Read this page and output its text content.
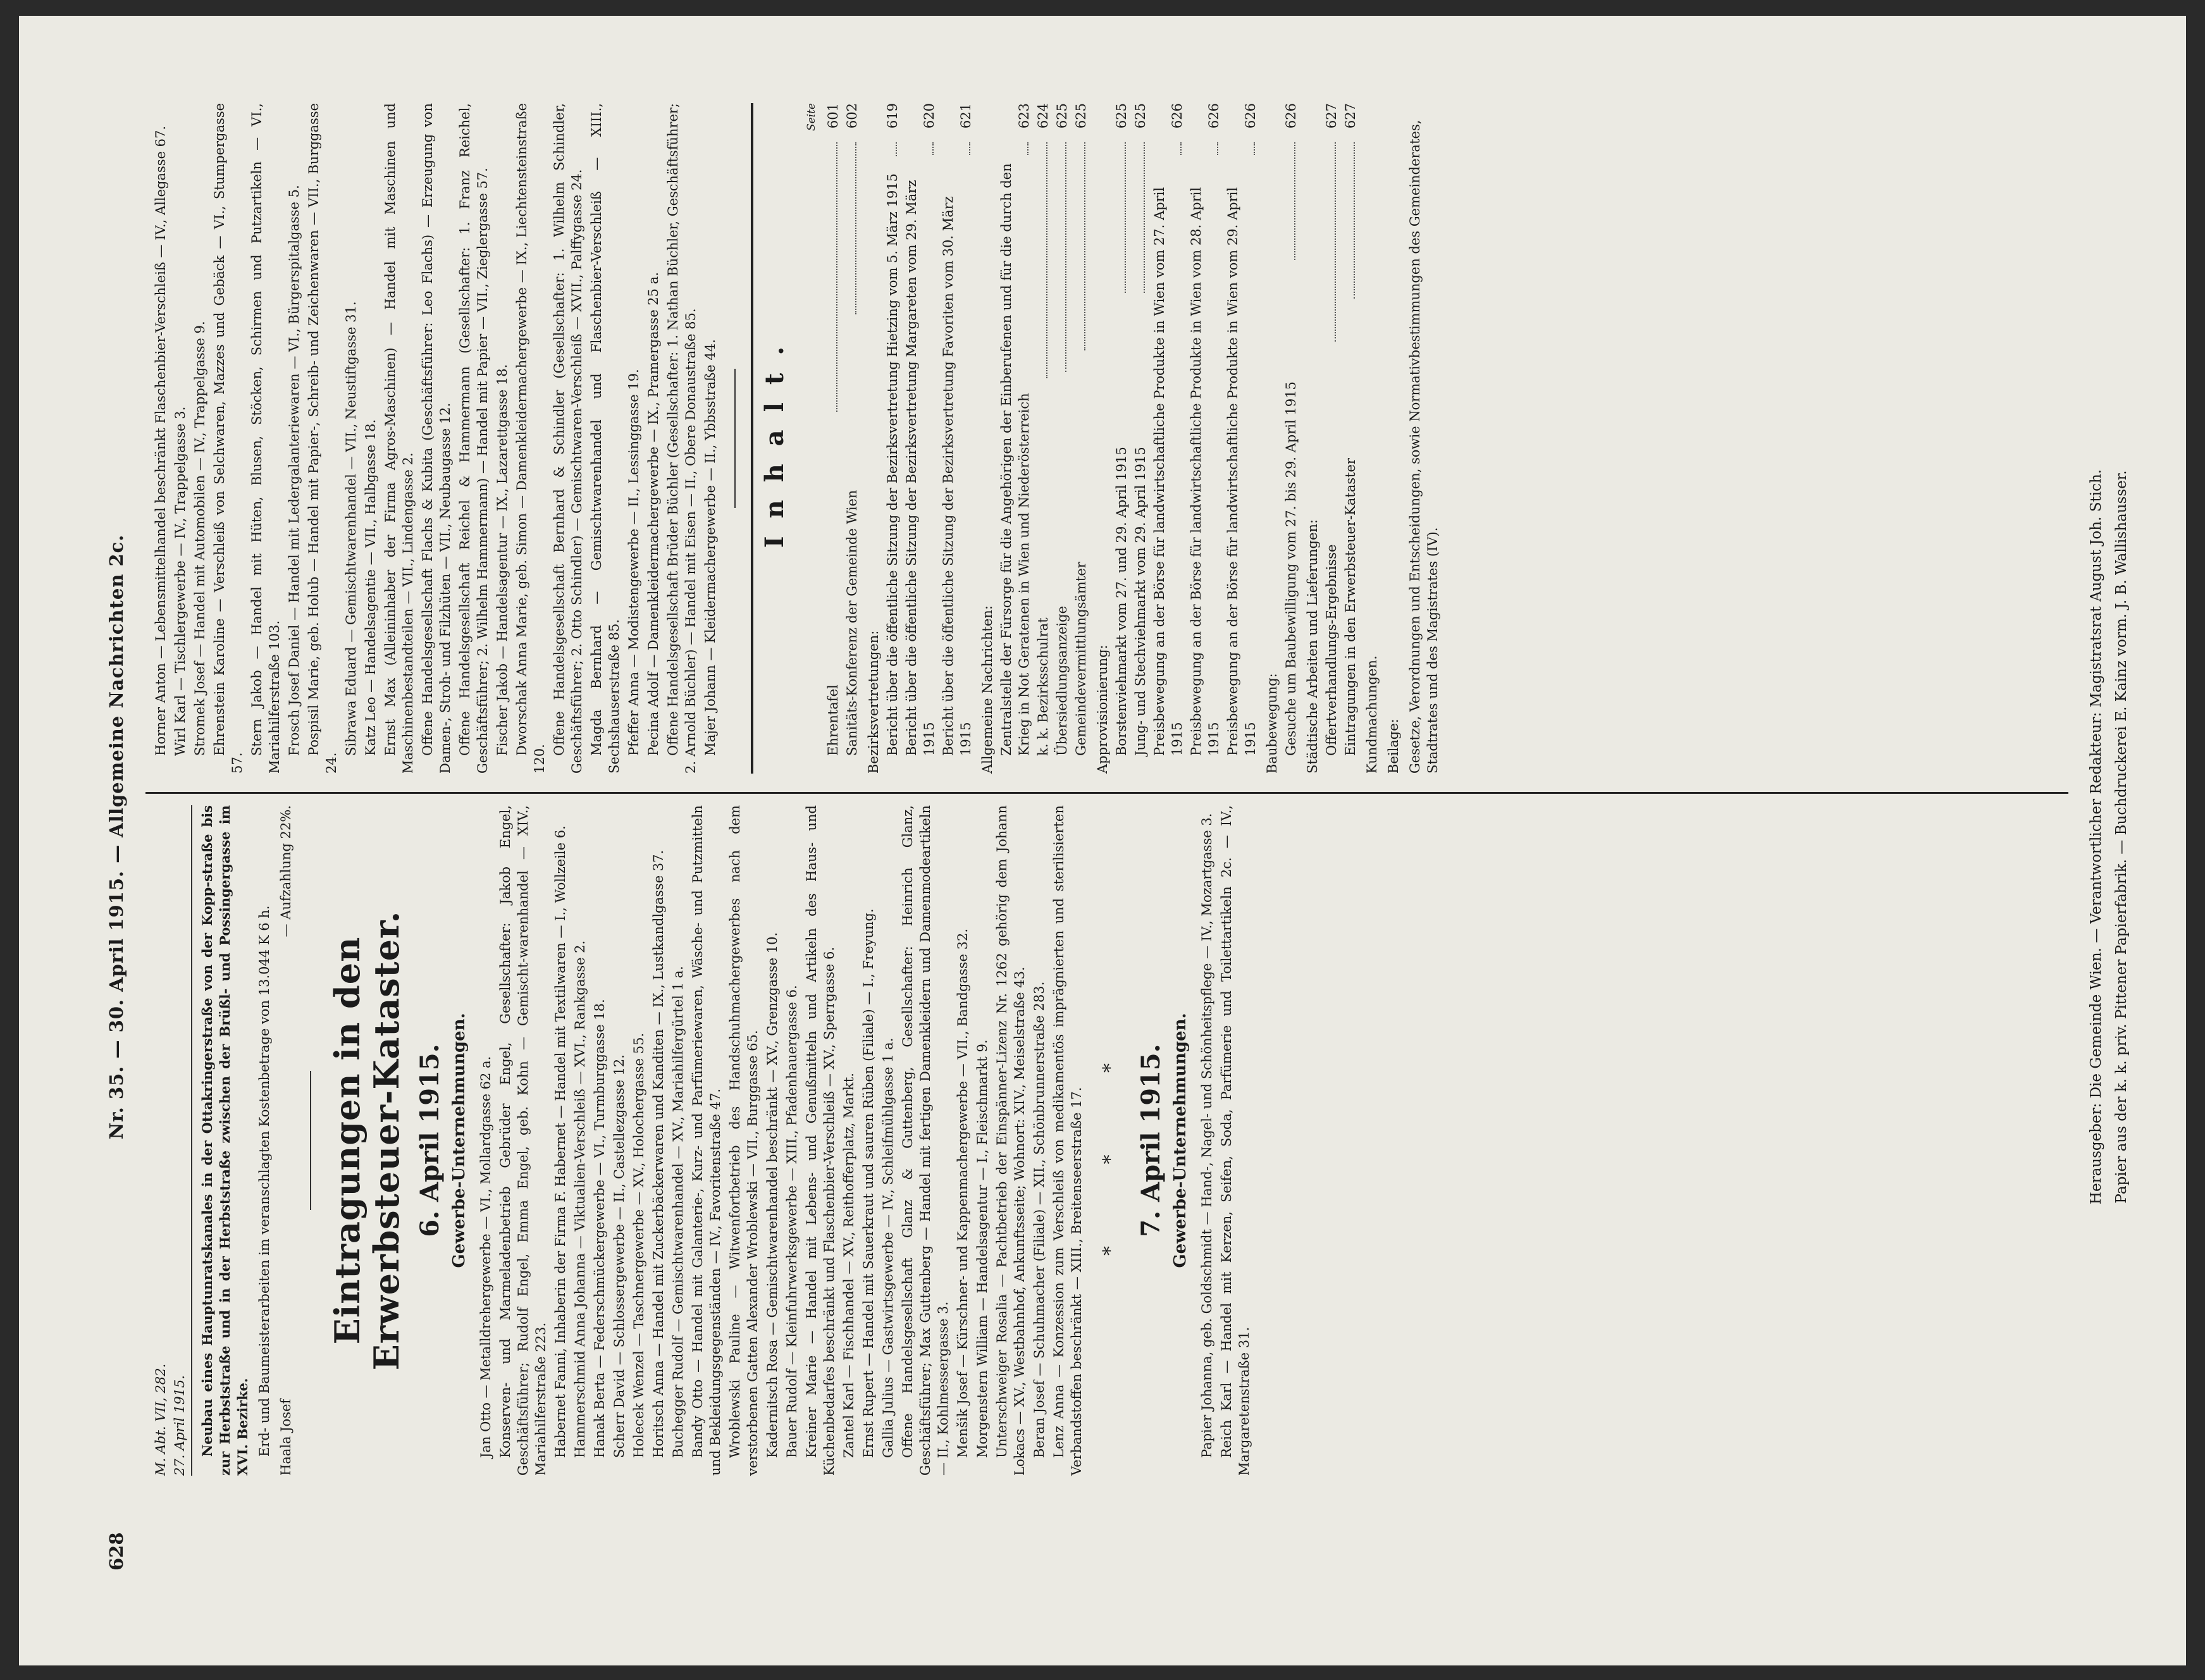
628
Nr. 35. — 30. April 1915. — Allgemeine Nachrichten 2c.
M. Abt. VII, 282. 27. April 1915. Neubau eines Hauptunratskanales in der Ottakringerstraße von der Kopp-straße bis zur Herbststraße und in der Herbststraße zwischen der Brüßl- und Possingergasse im XVI. Bezirke. Erd- und Baumeisterarbeiten im veranschlagten Kostenbetrage von 13.044 K 6 h. Haala Josef
— Aufzahlung 22%.
Eintragungen in den Erwerbsteuer-Kataster. 6. April 1915. Gewerbe-Unternehmungen. Jan Otto — Metalldrehergewerbe — VI., Mollardgasse 62 a. Konserven- und Marmeladenbetrieb Gebrüder Engel, Gesellschafter: Jakob Engel, Geschäftsführer; Rudolf Engel, Emma Engel, geb. Kohn — Gemischt-warenhandel — XIV., Mariahilferstraße 223. Habernet Fanni, Inhaberin der Firma F. Habernet — Handel mit Textilwaren — I., Wollzeile 6. Hammerschmid Anna Johanna — Viktualien-Verschleiß — XVI., Rankgasse 2. Hanak Berta — Federschmückergewerbe — VI., Turmburggasse 18. Scherr David — Schlossergewerbe — II., Castellezgasse 12. Holecek Wenzel — Taschnergewerbe — XV., Holochergasse 55. Horitsch Anna — Handel mit Zuckerbäckerwaren und Kanditen — IX., Lustkandlgasse 37. Buchegger Rudolf — Gemischtwarenhandel — XV., Mariahilfergürtel 1 a. Bandy Otto — Handel mit Galanterie-, Kurz- und Parfümeriewaren, Wäsche- und Putzmitteln und Bekleidungsgegenständen — IV., Favoritenstraße 47. Wroblewski Pauline — Witwenfortbetrieb des Handschuhmachergewerbes nach dem verstorbenen Gatten Alexander Wroblewski — VII., Burggasse 65. Kadernitsch Rosa — Gemischtwarenhandel beschränkt — XV., Grenzgasse 10. Bauer Rudolf — Kleinfuhrwerksgewerbe — XIII., Pfadenhauergasse 6. Kreiner Marie — Handel mit Lebens- und Genußmitteln und Artikeln des Haus- und Küchenbedarfes beschränkt und Flaschenbier-Verschleiß — XV., Sperrgasse 6. Zantel Karl — Fischhandel — XV., Reithofferplatz, Markt. Ernst Rupert — Handel mit Sauerkraut und sauren Rüben (Filiale) — I., Freyung. Gallia Julius — Gastwirtsgewerbe — IV., Schleifmühlgasse 1 a. Offene Handelsgesellschaft Glanz & Guttenberg, Gesellschafter: Heinrich Glanz, Geschäftsführer; Max Guttenberg — Handel mit fertigen Damenkleidern und Damenmodeartikeln — II., Kohlmessergasse 3. Menšik Josef — Kürschner- und Kappenmachergewerbe — VII., Bandgasse 32. Morgenstern William — Handelsagentur — I., Fleischmarkt 9. Unterschweiger Rosalia — Pachtbetrieb der Einspänner-Lizenz Nr. 1262 gehörig dem Johann Lokacs — XV., Westbahnhof, Ankunftsseite; Wohnort: XIV., Meiselstraße 43. Beran Josef — Schuhmacher (Filiale) — XII., Schönbrunnerstraße 283. Lenz Anna — Konzession zum Verschleiß von medikamentös imprägnierten und sterilisierten Verbandstoffen beschränkt — XIII., Breitenseerstraße 17. * * * 7. April 1915. Gewerbe-Unternehmungen. Papier Johanna, geb. Goldschmidt — Hand-, Nagel- und Schönheitspflege — IV., Mozartgasse 3. Reich Karl — Handel mit Kerzen, Seifen, Soda, Parfümerie und Toilettartikeln 2c. — IV., Margaretenstraße 31.
Horner Anton — Lebensmittelhandel beschränkt Flaschenbier-Verschleiß — IV., Allegasse 67. Wirl Karl — Tischlergewerbe — IV., Trappelgasse 3. Stromek Josef — Handel mit Automobilen — IV., Trappelgasse 9. Ehrenstein Karoline — Verschleiß von Selchwaren, Mazzes und Gebäck — VI., Stumpergasse 57.
Stern Jakob — Handel mit Hüten, Blusen, Stöcken, Schirmen und Putzartikeln — VI., Mariahilferstraße 103. Frosch Josef Daniel — Handel mit Ledergalanteriewaren — VI., Bürgerspitalgasse 5. Pospisil Marie, geb. Holub — Handel mit Papier-, Schreib- und Zeichenwaren — VII., Burggasse 24.
Sibrawa Eduard — Gemischtwarenhandel — VII., Neustiftgasse 31. Katz Leo — Handelsagentie — VII., Halbgasse 18. Ernst Max (Alleininhaber der Firma Agros-Maschinen) — Handel mit Maschinen und Maschinenbestandteilen — VII., Lindengasse 2. Offene Handelsgesellschaft Flachs & Kubita (Geschäftsführer: Leo Flachs) — Erzeugung von Damen-, Stroh- und Filzhüten — VII., Neubaugasse 12. Offene Handelsgesellschaft Reichel & Hammermann (Gesellschafter: 1. Franz Reichel, Geschäftsführer; 2. Wilhelm Hammermann) — Handel mit Papier — VII., Zieglergasse 57. Fischer Jakob — Handelsagentur — IX., Lazarettgasse 18. Dworschak Anna Marie, geb. Simon — Damenkleidermachergewerbe — IX., Liechtensteinstraße 120.
Offene Handelsgesellschaft Bernhard & Schindler (Gesellschafter: 1. Wilhelm Schindler, Geschäftsführer; 2. Otto Schindler) — Gemischtwaren-Verschleiß — XVII., Palffygasse 24. Magda Bernhard — Gemischtwarenhandel und Flaschenbier-Verschleiß — XIII., Sechshauserstraße 85. Pfeffer Anna — Modistengewerbe — II., Lessinggasse 19. Pecina Adolf — Damenkleidermachergewerbe — IX., Pramergasse 25 a. Offene Handelsgesellschaft Brüder Büchler (Gesellschafter: 1. Nathan Büchler, Geschäftsführer; 2. Arnold Büchler) — Handel mit Eisen — II., Obere Donaustraße 85. Majer Johann — Kleidermachergewerbe — II., Ybbsstraße 44. Inhalt.
Seite
Ehrentafel
601
Sanitäts-Konferenz der Gemeinde Wien
602
Bezirksvertretungen: Bericht über die öffentliche Sitzung der Bezirksvertretung Hietzing vom 5. März 1915
619
Bericht über die öffentliche Sitzung der Bezirksvertretung Margareten vom 29. März 1915
620
Bericht über die öffentliche Sitzung der Bezirksvertretung Favoriten vom 30. März 1915
621
Allgemeine Nachrichten: Zentralstelle der Fürsorge für die Angehörigen der Einberufenen und für die durch den Krieg in Not Geratenen in Wien und Niederösterreich
623
k. k. Bezirksschulrat
624
Übersiedlungsanzeige
625
Gemeindevermittlungsämter
625
Approvisionierung: Borstenviehmarkt vom 27. und 29. April 1915
625
Jung- und Stechviehmarkt vom 29. April 1915
625
Preisbewegung an der Börse für landwirtschaftliche Produkte in Wien vom 27. April 1915
626
Preisbewegung an der Börse für landwirtschaftliche Produkte in Wien vom 28. April 1915
626
Preisbewegung an der Börse für landwirtschaftliche Produkte in Wien vom 29. April 1915
626
Baubewegung: Gesuche um Baubewilligung vom 27. bis 29. April 1915
626
Städtische Arbeiten und Lieferungen: Offertverhandlungs-Ergebnisse
627
Eintragungen in den Erwerbsteuer-Kataster
627
Kundmachungen. Beilage: Gesetze, Verordnungen und Entscheidungen, sowie Normativbestimmungen des Gemeinderates, Stadtrates und des Magistrates (IV).	Herausgeber: Die Gemeinde Wien. — Verantwortlicher Redakteur: Magistratsrat August Joh. Stich. Papier aus der k. k. priv. Pittener Papierfabrik. — Buchdruckerei E. Kainz vorm. J. B. Wallishausser.
